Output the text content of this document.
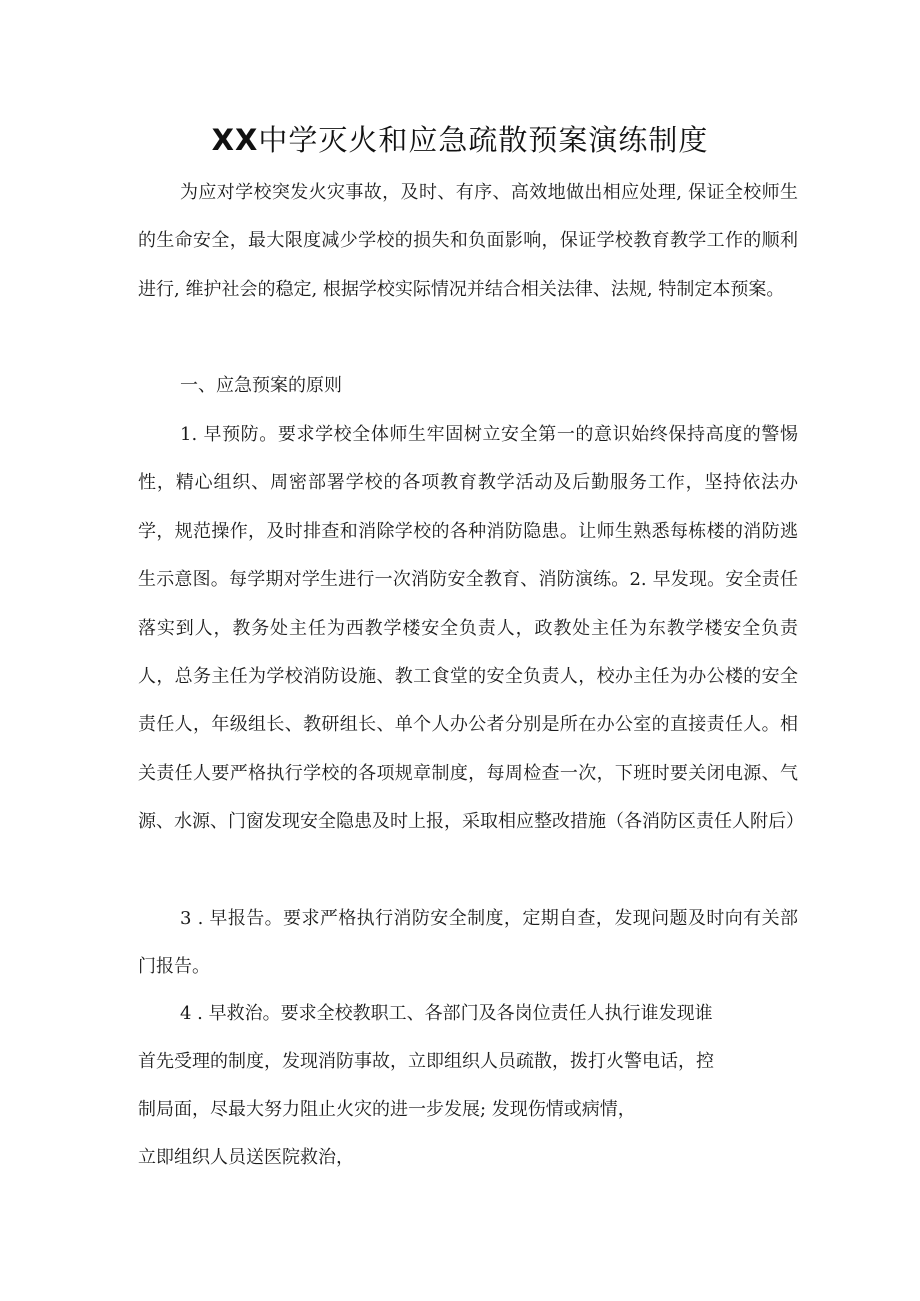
XX中学灭火和应急疏散预案演练制度

为应对学校突发火灾事故，及时、有序、高效地做出相应处理, 保证全校师生的生命安全，最大限度减少学校的损失和负面影响，保证学校教育教学工作的顺利进行, 维护社会的稳定, 根据学校实际情况并结合相关法律、法规, 特制定本预案。

一、应急预案的原则

1. 早预防。要求学校全体师生牢固树立安全第一的意识始终保持高度的警惕性，精心组织、周密部署学校的各项教育教学活动及后勤服务工作，坚持依法办学，规范操作，及时排查和消除学校的各种消防隐患。让师生熟悉每栋楼的消防逃生示意图。每学期对学生进行一次消防安全教育、消防演练。2. 早发现。安全责任落实到人，教务处主任为西教学楼安全负责人，政教处主任为东教学楼安全负责人，总务主任为学校消防设施、教工食堂的安全负责人，校办主任为办公楼的安全责任人，年级组长、教研组长、单个人办公者分别是所在办公室的直接责任人。相关责任人要严格执行学校的各项规章制度，每周检查一次，下班时要关闭电源、气源、水源、门窗发现安全隐患及时上报，采取相应整改措施（各消防区责任人附后）

3 . 早报告。要求严格执行消防安全制度，定期自查，发现问题及时向有关部门报告。

4 . 早救治。要求全校教职工、各部门及各岗位责任人执行谁发现谁

首先受理的制度，发现消防事故，立即组织人员疏散，拨打火警电话，控

制局面，尽最大努力阻止火灾的进一步发展; 发现伤情或病情，

立即组织人员送医院救治，
